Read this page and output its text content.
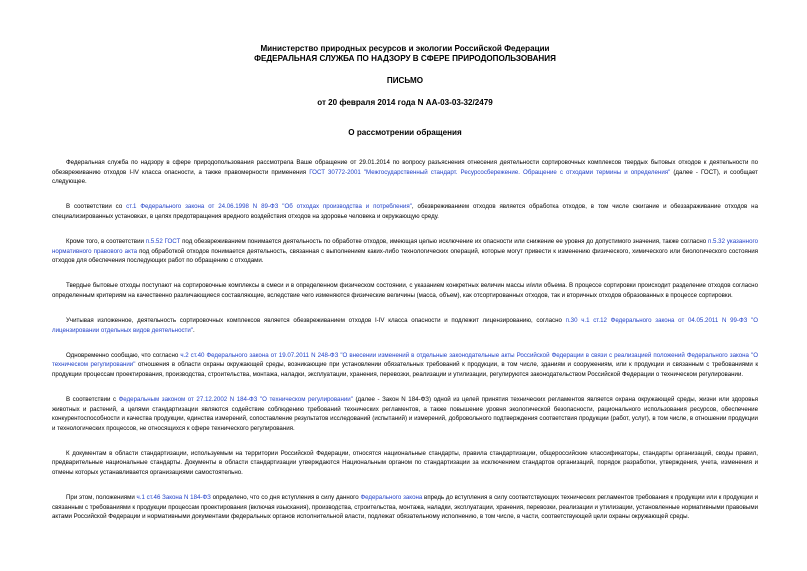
Министерство природных ресурсов и экологии Российской Федерации
ФЕДЕРАЛЬНАЯ СЛУЖБА ПО НАДЗОРУ В СФЕРЕ ПРИРОДОПОЛЬЗОВАНИЯ
ПИСЬМО
от 20 февраля 2014 года N АА-03-03-32/2479
О рассмотрении обращения

Федеральная служба по надзору в сфере природопользования рассмотрела Ваше обращение от 29.01.2014 по вопросу разъяснения отнесения деятельности сортировочных комплексов твердых бытовых отходов к деятельности по обезвреживанию отходов I-IV класса опасности, а также правомерности применения ГОСТ 30772-2001 "Межгосударственный стандарт. Ресурсосбережение. Обращение с отходами термины и определения" (далее - ГОСТ), и сообщает следующее.

В соответствии со ст.1 Федерального закона от 24.06.1998 N 89-ФЗ "Об отходах производства и потребления", обезвреживанием отходов является обработка отходов, в том числе сжигание и обеззараживание отходов на специализированных установках, в целях предотвращения вредного воздействия отходов на здоровье человека и окружающую среду.

Кроме того, в соответствии п.5.52 ГОСТ под обезвреживанием понимается деятельность по обработке отходов, имеющая целью исключение их опасности или снижение ее уровня до допустимого значения, также согласно п.5.32 указанного нормативного правового акта под обработкой отходов понимается деятельность, связанная с выполнением каких-либо технологических операций, которые могут привести к изменению физического, химического или биологического состояния отходов для обеспечения последующих работ по обращению с отходами.

Твердые бытовые отходы поступают на сортировочные комплексы в смеси и в определенном физическом состоянии, с указанием конкретных величин массы и/или объема. В процессе сортировки происходит разделение отходов согласно определенным критериям на качественно различающиеся составляющие, вследствие чего изменяются физические величины (масса, объем), как отсортированных отходов, так и вторичных отходов образованных в процессе сортировки.

Учитывая изложенное, деятельность сортировочных комплексов является обезвреживанием отходов I-IV класса опасности и подлежит лицензированию, согласно п.30 ч.1 ст.12 Федерального закона от 04.05.2011 N 99-ФЗ "О лицензировании отдельных видов деятельности".

Одновременно сообщаю, что согласно ч.2 ст.40 Федерального закона от 19.07.2011 N 248-ФЗ "О внесении изменений в отдельные законодательные акты Российской Федерации в связи с реализацией положений Федерального закона "О техническом регулировании" отношения в области охраны окружающей среды, возникающие при установлении обязательных требований к продукции, в том числе, зданиям и сооружениям, или к продукции и связанным с требованиями к продукции процессам проектирования, производства, строительства, монтажа, наладки, эксплуатации, хранения, перевозки, реализации и утилизации, регулируются законодательством Российской Федерации о техническом регулировании.

В соответствии с Федеральным законом от 27.12.2002 N 184-ФЗ "О техническом регулировании" (далее - Закон N 184-ФЗ) одной из целей принятия технических регламентов является охрана окружающей среды, жизни или здоровья животных и растений, а целями стандартизации являются содействие соблюдению требований технических регламентов, а также повышение уровня экологической безопасности, рационального использования ресурсов, обеспечение конкурентоспособности и качества продукции, единства измерений, сопоставление результатов исследований (испытаний) и измерений, добровольного подтверждения соответствия продукции (работ, услуг), в том числе, в отношении продукции и технологических процессов, не относящихся к сфере технического регулирования.

К документам в области стандартизации, используемым на территории Российской Федерации, относятся национальные стандарты, правила стандартизации, общероссийские классификаторы, стандарты организаций, своды правил, предварительные национальные стандарты. Документы в области стандартизации утверждаются Национальным органом по стандартизации за исключением стандартов организаций, порядок разработки, утверждения, учета, изменения и отмены которых устанавливается организациями самостоятельно.

При этом, положениями ч.1 ст.46 Закона N 184-ФЗ определено, что со дня вступления в силу данного Федерального закона впредь до вступления в силу соответствующих технических регламентов требования к продукции или к продукции и связанным с требованиями к продукции процессам проектирования (включая изыскания), производства, строительства, монтажа, наладки, эксплуатации, хранения, перевозки, реализации и утилизации, установленные нормативными правовыми актами Российской Федерации и нормативными документами федеральных органов исполнительной власти, подлежат обязательному исполнению, в том числе, в части, соответствующей цели охраны окружающей среды.
